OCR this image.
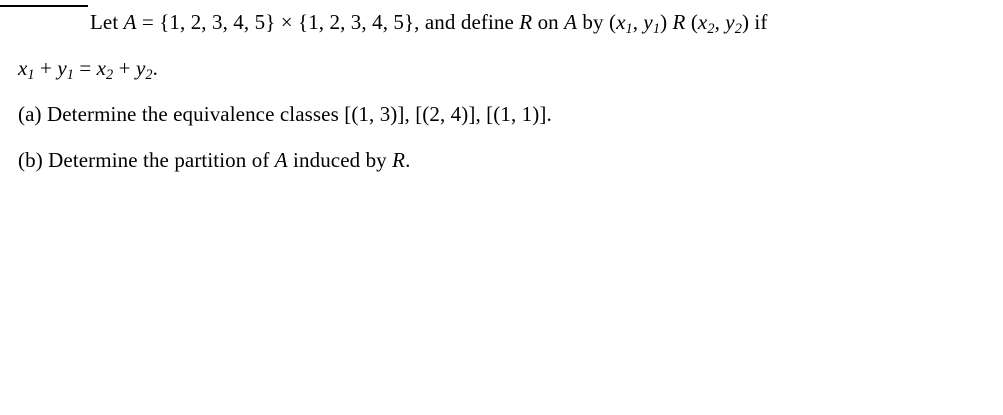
Let A = {1, 2, 3, 4, 5} × {1, 2, 3, 4, 5}, and define R on A by ($x_1$, $y_1$) R ($x_2$, $y_2$) if
$x_1 + y_1 = x_2 + y_2$.
(a) Determine the equivalence classes [(1, 3)], [(2, 4)], [(1, 1)].
(b) Determine the partition of A induced by R.
